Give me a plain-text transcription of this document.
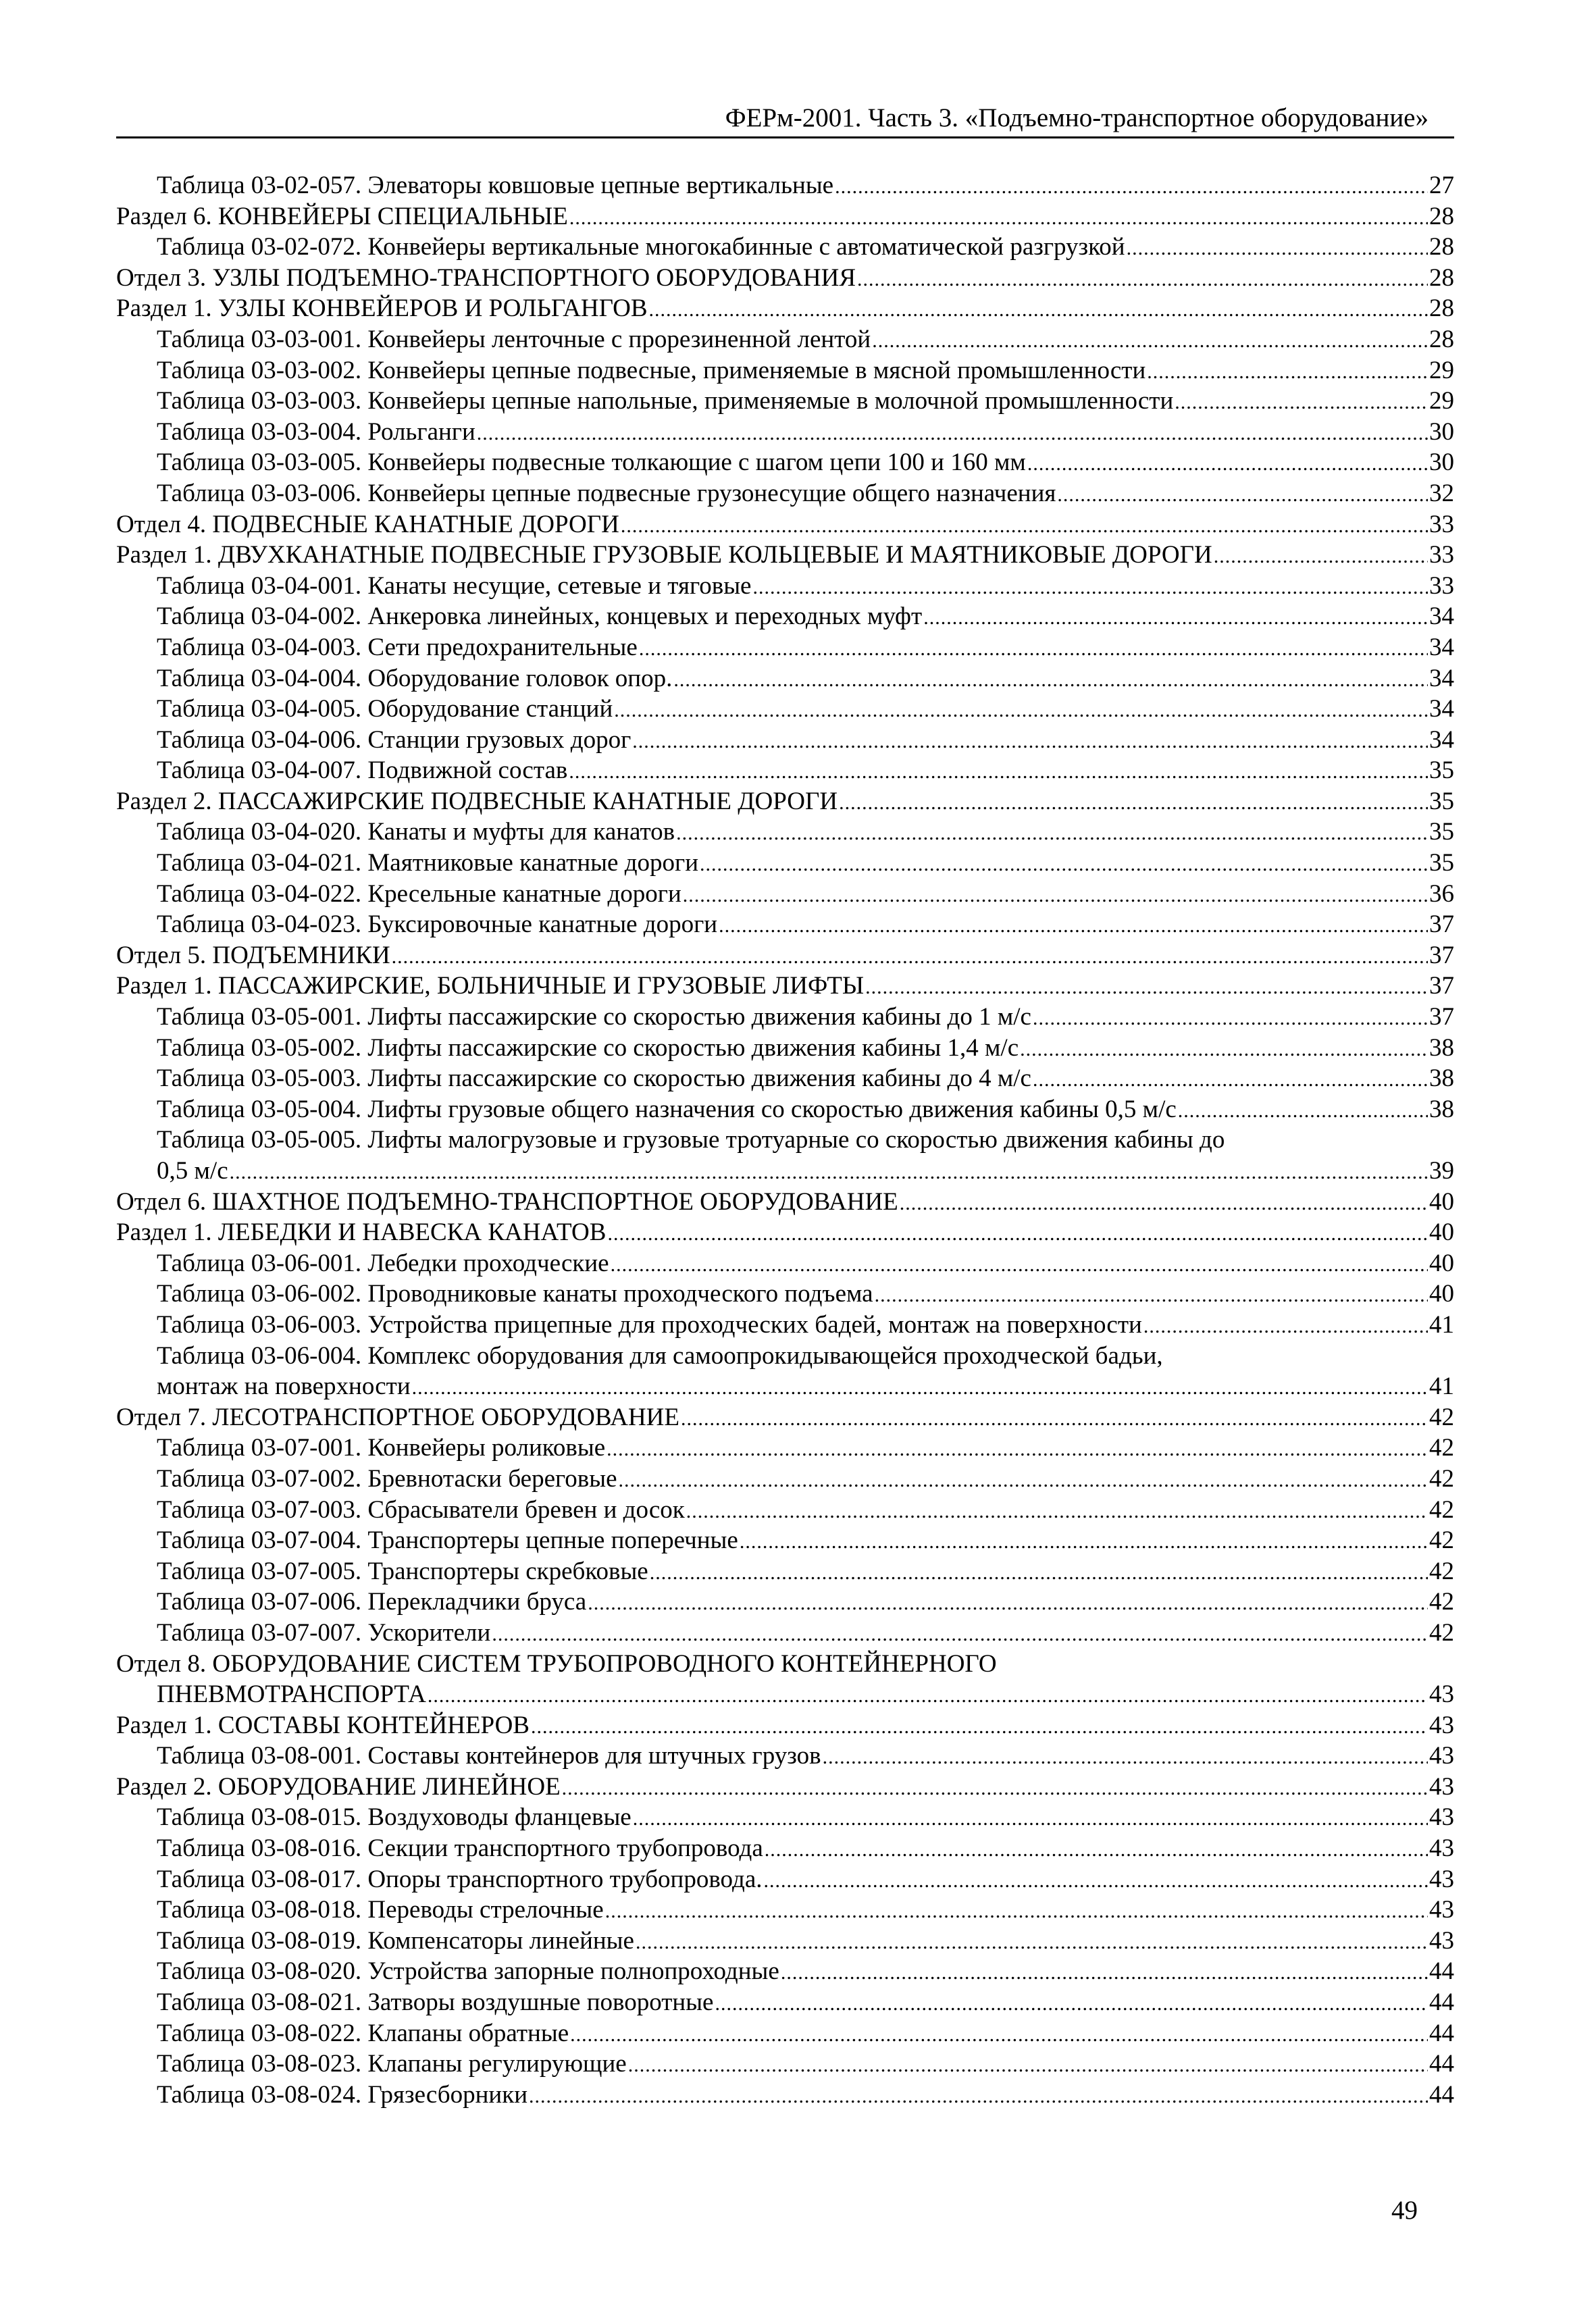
ФЕРм-2001. Часть 3. «Подъемно-транспортное оборудование»
Таблица 03-02-057. Элеваторы ковшовые цепные вертикальные .....	27
Раздел 6. КОНВЕЙЕРЫ СПЕЦИАЛЬНЫЕ .....	28
Таблица 03-02-072. Конвейеры вертикальные многокабинные с автоматической разгрузкой .....	28
Отдел 3. УЗЛЫ ПОДЪЕМНО-ТРАНСПОРТНОГО ОБОРУДОВАНИЯ .....	28
Раздел 1. УЗЛЫ КОНВЕЙЕРОВ И РОЛЬГАНГОВ .....	28
Таблица 03-03-001. Конвейеры ленточные с прорезиненной лентой .....	28
Таблица 03-03-002. Конвейеры цепные подвесные, применяемые в мясной промышленности .....	29
Таблица 03-03-003. Конвейеры цепные напольные, применяемые в молочной промышленности .....	29
Таблица 03-03-004. Рольганги .....	30
Таблица 03-03-005. Конвейеры подвесные толкающие с шагом цепи 100 и 160 мм .....	30
Таблица 03-03-006. Конвейеры цепные подвесные грузонесущие общего назначения .....	32
Отдел 4. ПОДВЕСНЫЕ КАНАТНЫЕ ДОРОГИ .....	33
Раздел 1. ДВУХКАНАТНЫЕ ПОДВЕСНЫЕ ГРУЗОВЫЕ КОЛЬЦЕВЫЕ И МАЯТНИКОВЫЕ ДОРОГИ .....	33
Таблица 03-04-001. Канаты несущие, сетевые и тяговые .....	33
Таблица 03-04-002. Анкеровка линейных, концевых и переходных муфт .....	34
Таблица 03-04-003. Сети предохранительные .....	34
Таблица 03-04-004. Оборудование головок опор. .....	34
Таблица 03-04-005. Оборудование станций .....	34
Таблица 03-04-006. Станции грузовых дорог .....	34
Таблица 03-04-007. Подвижной состав .....	35
Раздел 2. ПАССАЖИРСКИЕ ПОДВЕСНЫЕ КАНАТНЫЕ ДОРОГИ .....	35
Таблица 03-04-020. Канаты и муфты для канатов .....	35
Таблица 03-04-021. Маятниковые канатные дороги .....	35
Таблица 03-04-022. Кресельные канатные дороги .....	36
Таблица 03-04-023. Буксировочные канатные дороги .....	37
Отдел 5. ПОДЪЕМНИКИ .....	37
Раздел 1. ПАССАЖИРСКИЕ, БОЛЬНИЧНЫЕ И ГРУЗОВЫЕ ЛИФТЫ .....	37
Таблица 03-05-001. Лифты пассажирские со скоростью движения кабины до 1 м/с .....	37
Таблица 03-05-002. Лифты пассажирские со скоростью движения кабины 1,4 м/с .....	38
Таблица 03-05-003. Лифты пассажирские со скоростью движения кабины до 4 м/с .....	38
Таблица 03-05-004. Лифты грузовые общего назначения со скоростью движения кабины 0,5 м/с .....	38
Таблица 03-05-005. Лифты малогрузовые и грузовые тротуарные со скоростью движения кабины до
0,5 м/с .....	39
Отдел 6. ШАХТНОЕ ПОДЪЕМНО-ТРАНСПОРТНОЕ ОБОРУДОВАНИЕ .....	40
Раздел 1. ЛЕБЕДКИ И НАВЕСКА КАНАТОВ .....	40
Таблица 03-06-001. Лебедки проходческие .....	40
Таблица 03-06-002. Проводниковые канаты проходческого подъема .....	40
Таблица 03-06-003. Устройства прицепные для проходческих бадей, монтаж на поверхности .....	41
Таблица 03-06-004. Комплекс оборудования для самоопрокидывающейся проходческой бадьи,
монтаж на поверхности .....	41
Отдел 7. ЛЕСОТРАНСПОРТНОЕ ОБОРУДОВАНИЕ .....	42
Таблица 03-07-001. Конвейеры роликовые .....	42
Таблица 03-07-002. Бревнотаски береговые .....	42
Таблица 03-07-003. Сбрасыватели бревен и досок .....	42
Таблица 03-07-004. Транспортеры цепные поперечные .....	42
Таблица 03-07-005. Транспортеры скребковые .....	42
Таблица 03-07-006. Перекладчики бруса .....	42
Таблица 03-07-007. Ускорители .....	42
Отдел 8. ОБОРУДОВАНИЕ СИСТЕМ ТРУБОПРОВОДНОГО КОНТЕЙНЕРНОГО
ПНЕВМОТРАНСПОРТА .....	43
Раздел 1. СОСТАВЫ КОНТЕЙНЕРОВ .....	43
Таблица 03-08-001. Составы контейнеров для штучных грузов .....	43
Раздел 2. ОБОРУДОВАНИЕ ЛИНЕЙНОЕ .....	43
Таблица 03-08-015. Воздуховоды фланцевые .....	43
Таблица 03-08-016. Секции транспортного трубопровода .....	43
Таблица 03-08-017. Опоры транспортного трубопровода. .....	43
Таблица 03-08-018. Переводы стрелочные .....	43
Таблица 03-08-019. Компенсаторы линейные .....	43
Таблица 03-08-020. Устройства запорные полнопроходные .....	44
Таблица 03-08-021. Затворы воздушные поворотные .....	44
Таблица 03-08-022. Клапаны обратные .....	44
Таблица 03-08-023. Клапаны регулирующие .....	44
Таблица 03-08-024. Грязесборники .....	44
49
